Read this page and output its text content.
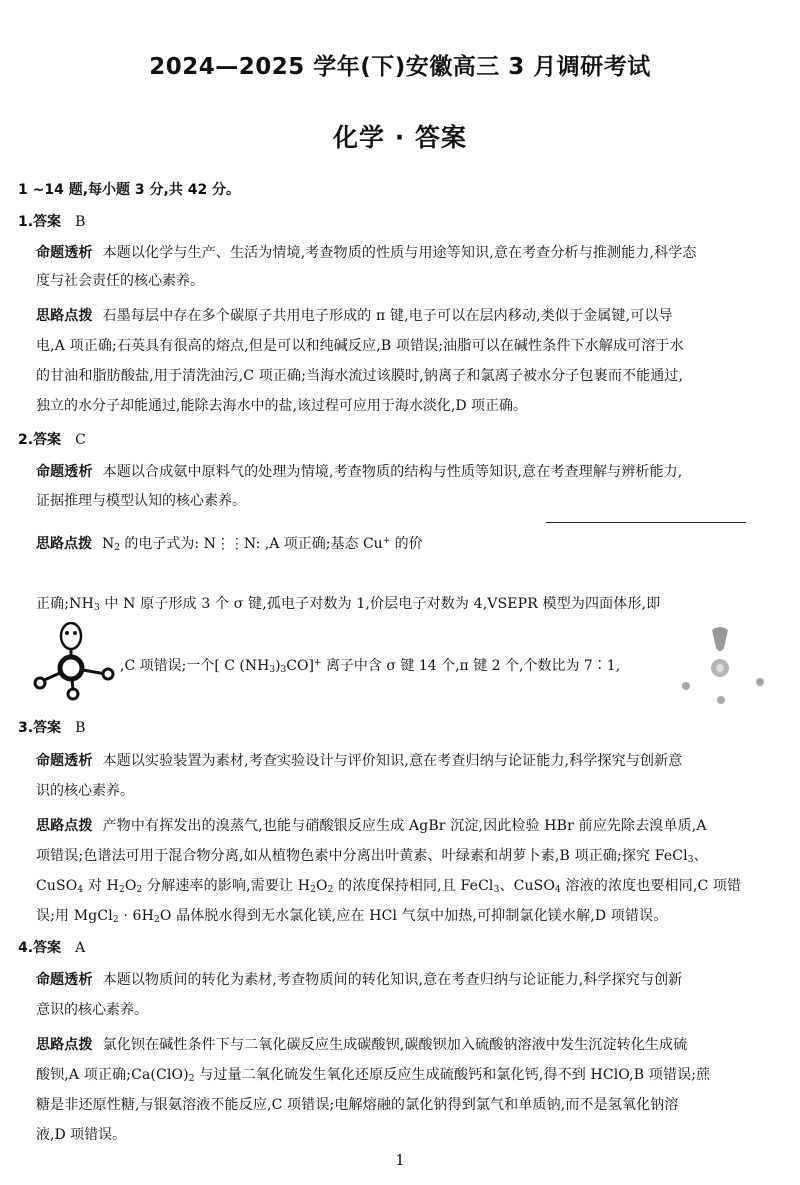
2024—2025 学年(下)安徽高三 3 月调研考试
化学 · 答案
1 ~14 题,每小题 3 分,共 42 分。
1.答案 B
命题透析 本题以化学与生产、生活为情境,考查物质的性质与用途等知识,意在考查分析与推测能力,科学态
度与社会责任的核心素养。
思路点拨 石墨每层中存在多个碳原子共用电子形成的 π 键,电子可以在层内移动,类似于金属键,可以导
电,A 项正确;石英具有很高的熔点,但是可以和纯碱反应,B 项错误;油脂可以在碱性条件下水解成可溶于水
的甘油和脂肪酸盐,用于清洗油污,C 项正确;当海水流过该膜时,钠离子和氯离子被水分子包裹而不能通过,
独立的水分子却能通过,能除去海水中的盐,该过程可应用于海水淡化,D 项正确。
2.答案 C
命题透析 本题以合成氨中原料气的处理为情境,考查物质的结构与性质等知识,意在考查理解与辨析能力,
证据推理与模型认知的核心素养。
思路点拨 $N_2$ 的电子式为: N⋮⋮N: ,A 项正确;基态 Cu+ 的价
正确$;NH_3$ 中 N 原子形成 3 个 σ 键,孤电子对数为 1,价层电子对数为 4,VSEPR 模型为四面体形,即
,C 项错误;一个[ C $(NH_3)_3CO]^+$ 离子中含 σ 键 14 个,π 键 2 个,个数比为 7∶1,
3.答案 B
命题透析 本题以实验装置为素材,考查实验设计与评价知识,意在考查归纳与论证能力,科学探究与创新意
识的核心素养。
思路点拨 产物中有挥发出的溴蒸气,也能与硝酸银反应生成 AgBr 沉淀,因此检验 HBr 前应先除去溴单质,A
项错误;色谱法可用于混合物分离,如从植物色素中分离出叶黄素、叶绿素和胡萝卜素,B 项正确;探究 FeCl$_3$、
CuSO$_4$ 对 $H_2O_2$ 分解速率的影响,需要让 $H_2O_2$ 的浓度保持相同,且 FeCl$_3$、CuSO$_4$ 溶液的浓度也要相同,C 项错
误;用 MgCl$_2$ · $6H_2O$ 晶体脱水得到无水氯化镁,应在 HCl 气氛中加热,可抑制氯化镁水解,D 项错误。
4.答案 A
命题透析 本题以物质间的转化为素材,考查物质间的转化知识,意在考查归纳与论证能力,科学探究与创新
意识的核心素养。
思路点拨 氯化钡在碱性条件下与二氧化碳反应生成碳酸钡,碳酸钡加入硫酸钠溶液中发生沉淀转化生成硫
酸钡,A 项正确$;Ca(ClO)_2$ 与过量二氧化硫发生氧化还原反应生成硫酸钙和氯化钙,得不到 HClO,B 项错误;蔗
糖是非还原性糖,与银氨溶液不能反应,C 项错误;电解熔融的氯化钠得到氯气和单质钠,而不是氢氧化钠溶
液,D 项错误。
1
